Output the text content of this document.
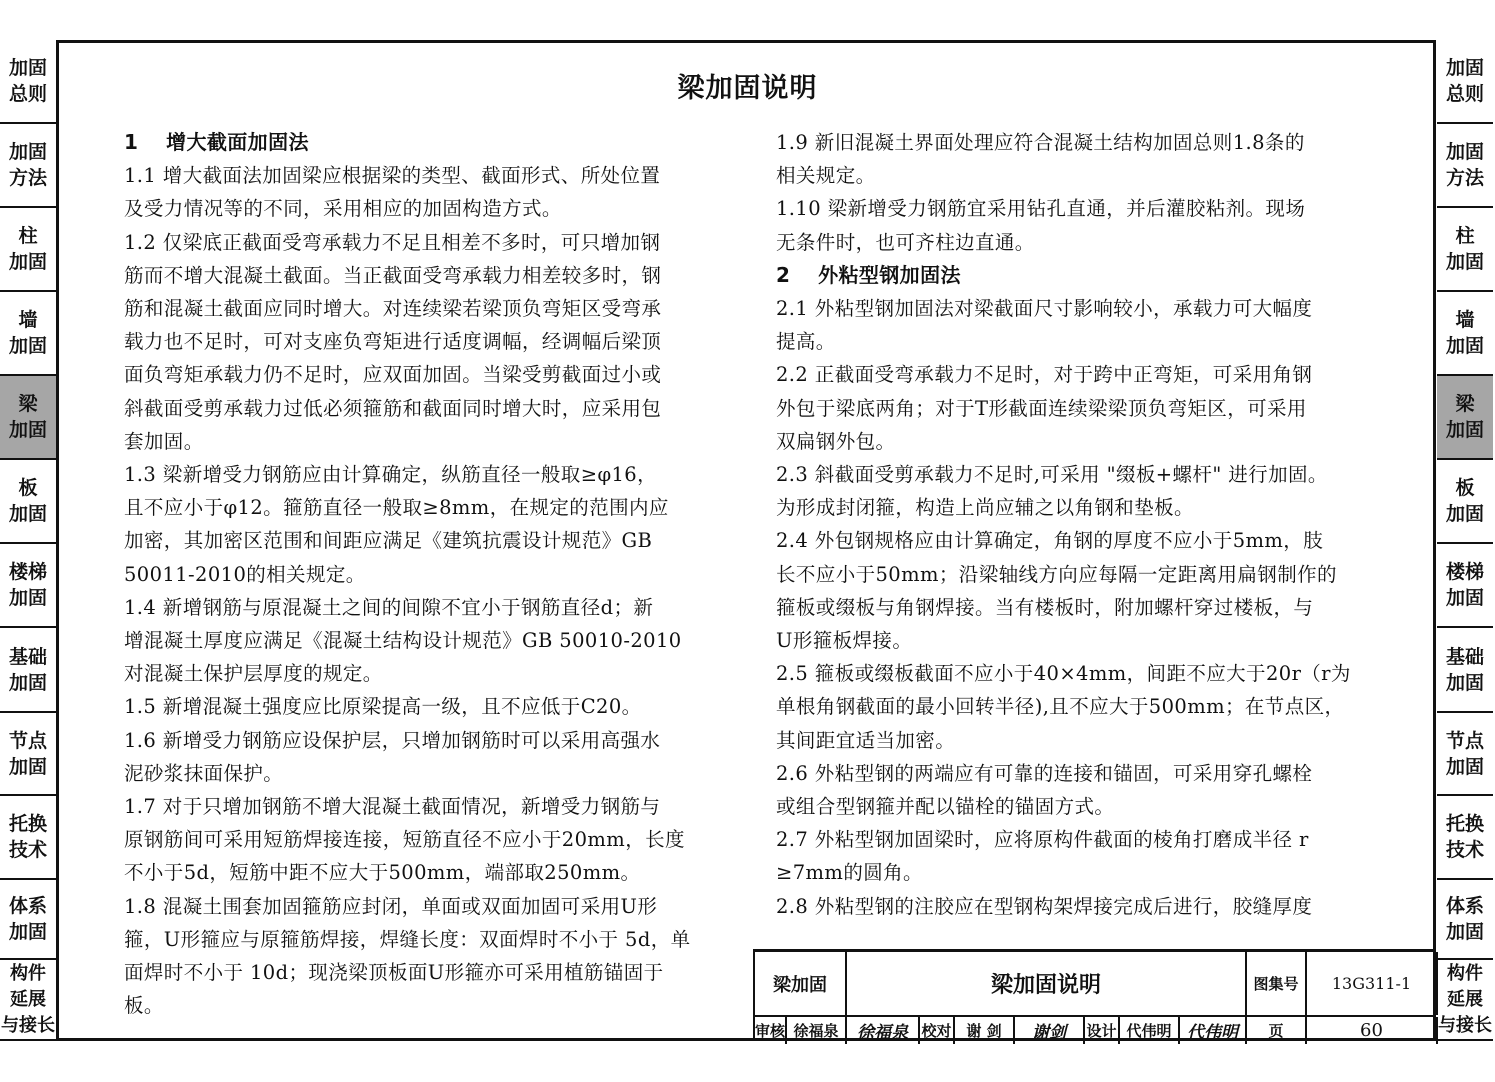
加固
总则
加固
方法
柱
加固
墙
加固
梁
加固
板
加固
楼梯
加固
基础
加固
节点
加固
托换
技术
体系
加固
构件
延展
与接长
加固
总则
加固
方法
柱
加固
墙
加固
梁
加固
板
加固
楼梯
加固
基础
加固
节点
加固
托换
技术
体系
加固
构件
延展
与接长
梁加固说明

1　 增大截面加固法

1.1 增大截面法加固梁应根据梁的类型、截面形式、所处位置
及受力情况等的不同，采用相应的加固构造方式。

1.2 仅梁底正截面受弯承载力不足且相差不多时，可只增加钢
筋而不增大混凝土截面。当正截面受弯承载力相差较多时，钢
筋和混凝土截面应同时增大。对连续梁若梁顶负弯矩区受弯承
载力也不足时，可对支座负弯矩进行适度调幅，经调幅后梁顶
面负弯矩承载力仍不足时，应双面加固。当梁受剪截面过小或
斜截面受剪承载力过低必须箍筋和截面同时增大时，应采用包
套加固。

1.3 梁新增受力钢筋应由计算确定，纵筋直径一般取≥φ16，
且不应小于φ12。箍筋直径一般取≥8mm，在规定的范围内应
加密，其加密区范围和间距应满足《建筑抗震设计规范》GB
50011-2010的相关规定。

1.4 新增钢筋与原混凝土之间的间隙不宜小于钢筋直径d；新
增混凝土厚度应满足《混凝土结构设计规范》GB 50010-2010
对混凝土保护层厚度的规定。

1.5 新增混凝土强度应比原梁提高一级，且不应低于C20。

1.6 新增受力钢筋应设保护层，只增加钢筋时可以采用高强水
泥砂浆抹面保护。

1.7 对于只增加钢筋不增大混凝土截面情况，新增受力钢筋与
原钢筋间可采用短筋焊接连接，短筋直径不应小于20mm，长度
不小于5d，短筋中距不应大于500mm，端部取250mm。

1.8 混凝土围套加固箍筋应封闭，单面或双面加固可采用U形
箍，U形箍应与原箍筋焊接，焊缝长度：双面焊时不小于 5d，单
面焊时不小于 10d；现浇梁顶板面U形箍亦可采用植筋锚固于
板。

1.9 新旧混凝土界面处理应符合混凝土结构加固总则1.8条的
相关规定。

1.10 梁新增受力钢筋宜采用钻孔直通，并后灌胶粘剂。现场
无条件时，也可齐柱边直通。

2　 外粘型钢加固法

2.1 外粘型钢加固法对梁截面尺寸影响较小，承载力可大幅度
提高。

2.2 正截面受弯承载力不足时，对于跨中正弯矩，可采用角钢
外包于梁底两角；对于T形截面连续梁梁顶负弯矩区，可采用
双扁钢外包。

2.3 斜截面受剪承载力不足时,可采用 "缀板+螺杆" 进行加固。
为形成封闭箍，构造上尚应辅之以角钢和垫板。

2.4 外包钢规格应由计算确定，角钢的厚度不应小于5mm，肢
长不应小于50mm；沿梁轴线方向应每隔一定距离用扁钢制作的
箍板或缀板与角钢焊接。当有楼板时，附加螺杆穿过楼板，与
U形箍板焊接。

2.5 箍板或缀板截面不应小于40×4mm，间距不应大于20r（r为
单根角钢截面的最小回转半径),且不应大于500mm；在节点区，
其间距宜适当加密。

2.6 外粘型钢的两端应有可靠的连接和锚固，可采用穿孔螺栓
或组合型钢箍并配以锚栓的锚固方式。

2.7 外粘型钢加固梁时，应将原构件截面的棱角打磨成半径 r
≥7mm的圆角。

2.8 外粘型钢的注胶应在型钢构架焊接完成后进行，胶缝厚度

梁加固	梁加固说明	图集号	13G311-1
审核 徐福泉	徐福泉 校对 谢 剑	谢剑	设计 代伟明 代伟明	页	60
